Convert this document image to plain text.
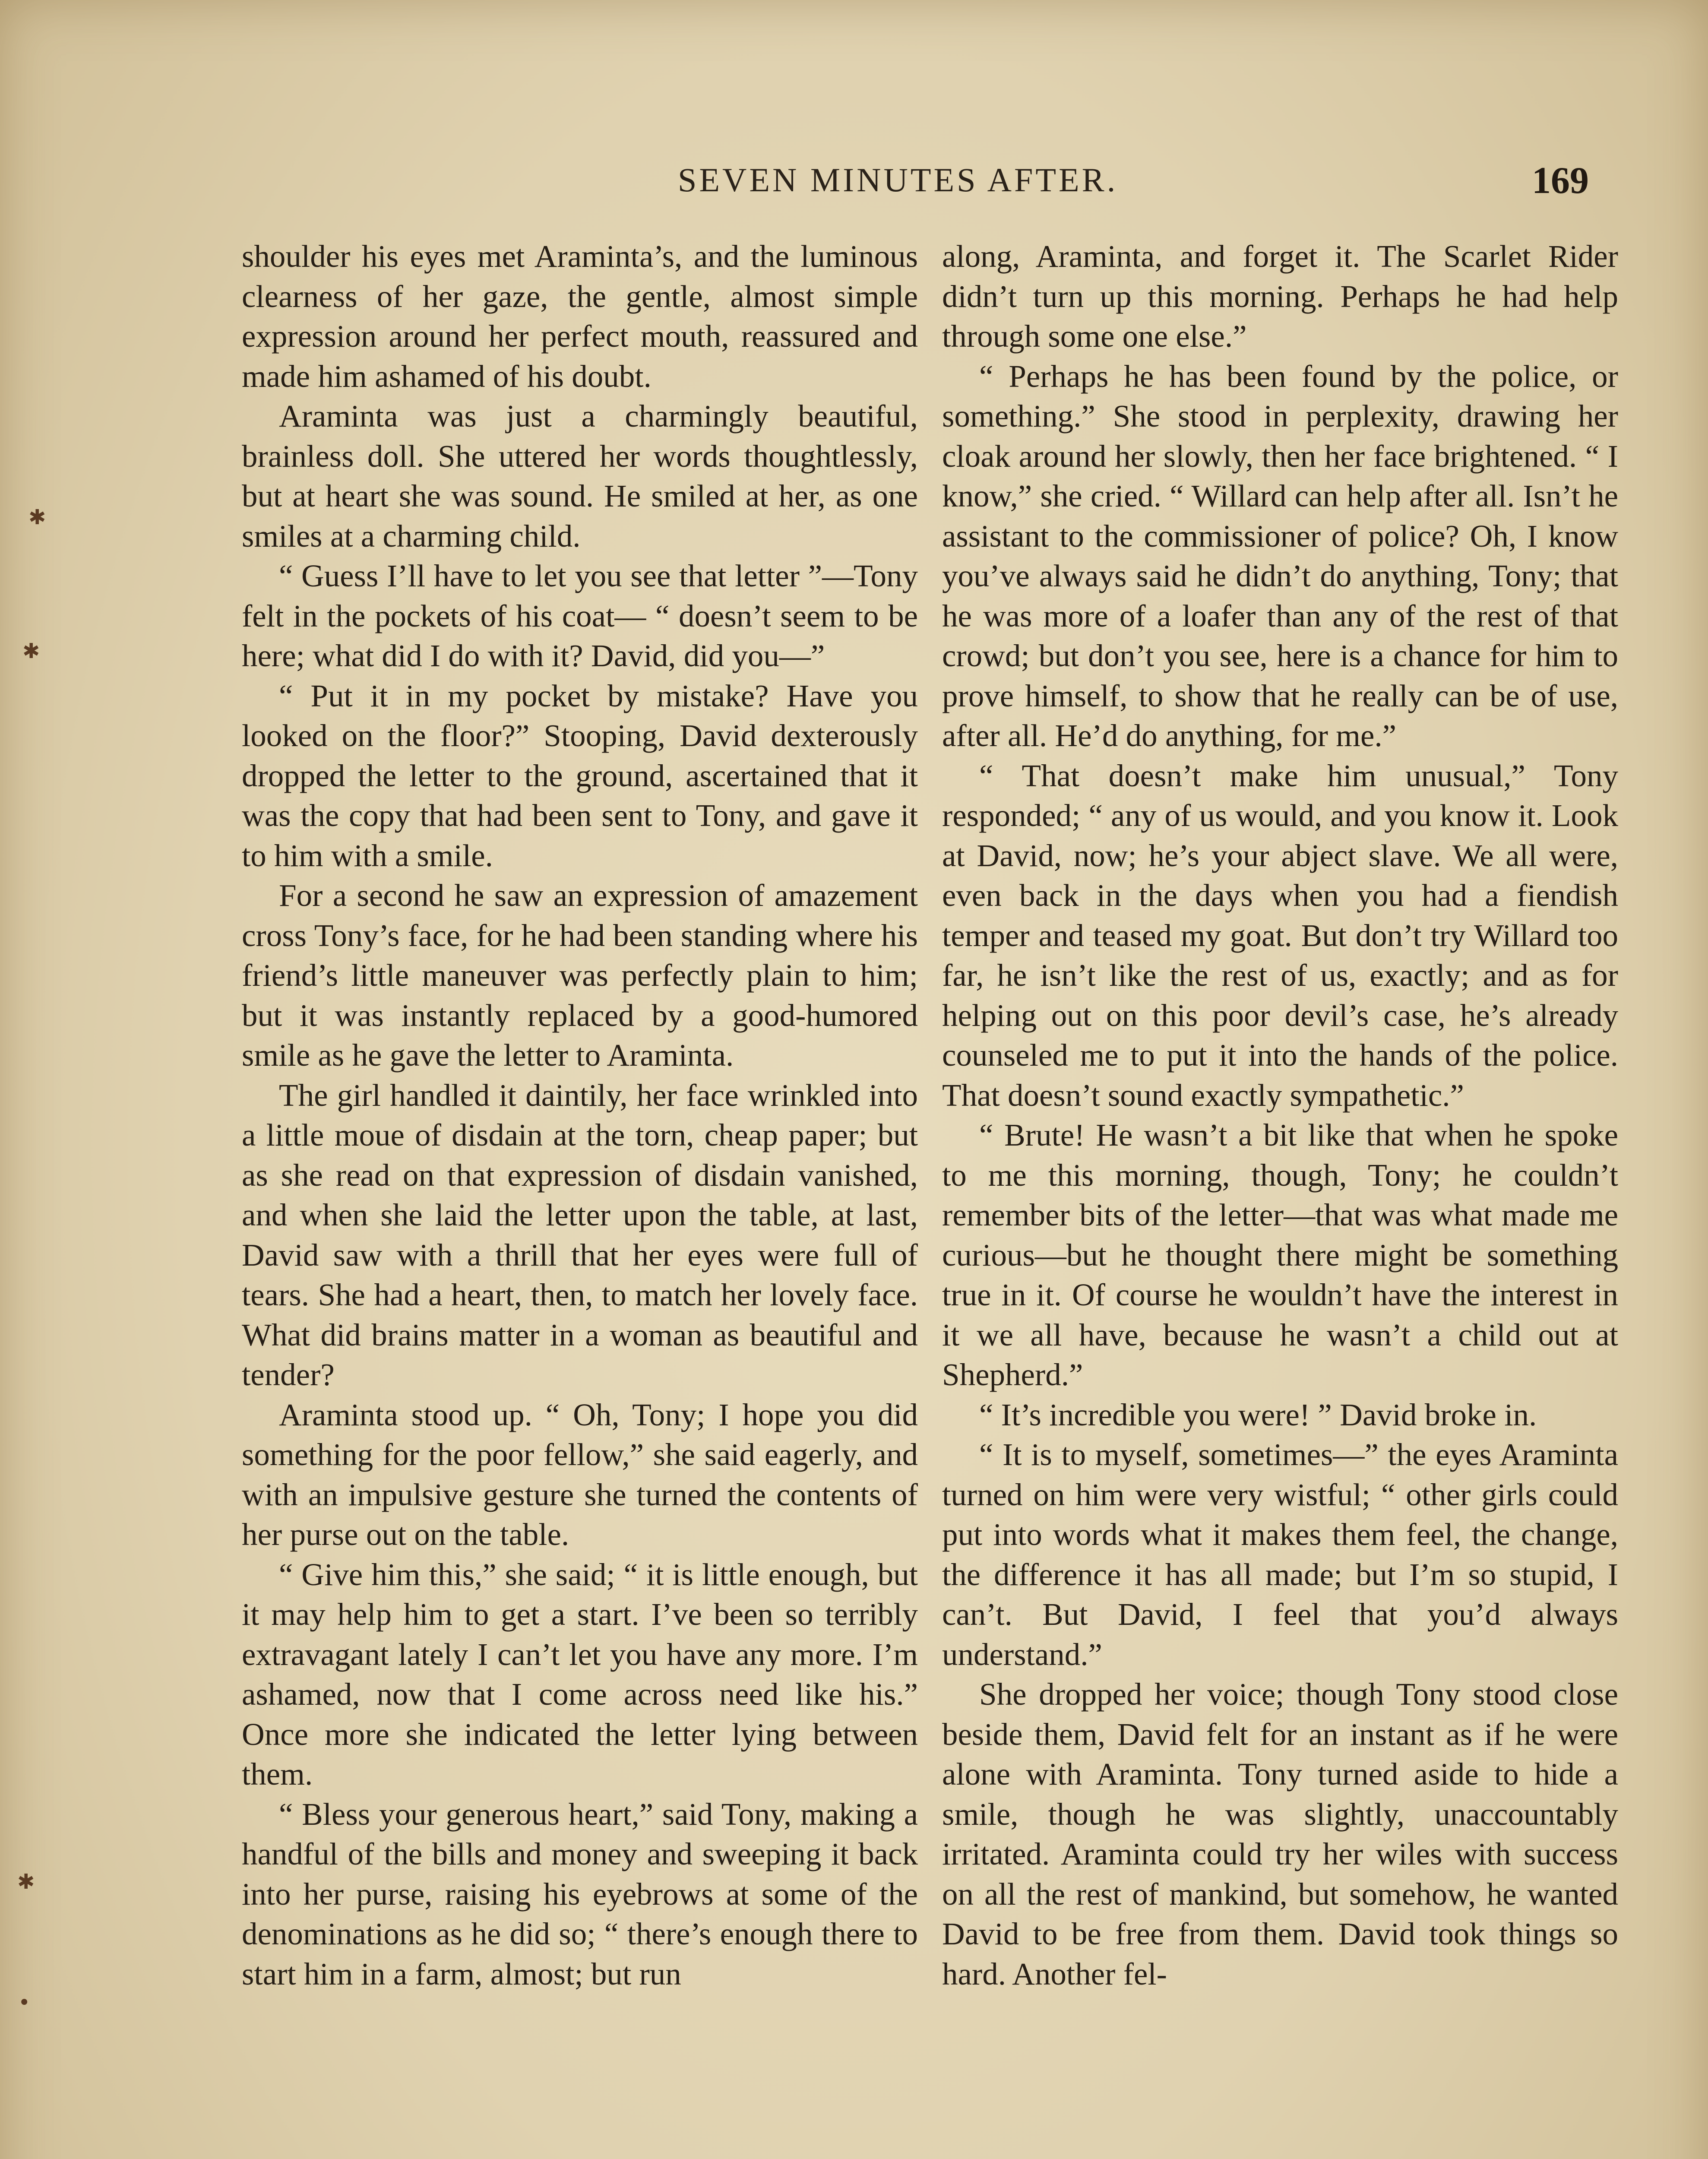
SEVEN MINUTES AFTER.	169

shoulder his eyes met Araminta’s, and the luminous clearness of her gaze, the gentle, almost simple expression around her perfect mouth, reassured and made him ashamed of his doubt.

Araminta was just a charmingly beautiful, brainless doll. She uttered her words thoughtlessly, but at heart she was sound. He smiled at her, as one smiles at a charming child.

“ Guess I’ll have to let you see that letter ”—Tony felt in the pockets of his coat— “ doesn’t seem to be here; what did I do with it? David, did you—”

“ Put it in my pocket by mistake? Have you looked on the floor?” Stooping, David dexterously dropped the letter to the ground, ascertained that it was the copy that had been sent to Tony, and gave it to him with a smile.

For a second he saw an expression of amazement cross Tony’s face, for he had been standing where his friend’s little maneuver was perfectly plain to him; but it was instantly replaced by a good-humored smile as he gave the letter to Araminta.

The girl handled it daintily, her face wrinkled into a little moue of disdain at the torn, cheap paper; but as she read on that expression of disdain vanished, and when she laid the letter upon the table, at last, David saw with a thrill that her eyes were full of tears. She had a heart, then, to match her lovely face. What did brains matter in a woman as beautiful and tender?

Araminta stood up. “ Oh, Tony; I hope you did something for the poor fellow,” she said eagerly, and with an impulsive gesture she turned the contents of her purse out on the table.

“ Give him this,” she said; “ it is little enough, but it may help him to get a start. I’ve been so terribly extravagant lately I can’t let you have any more. I’m ashamed, now that I come across need like his.” Once more she indicated the letter lying between them.

“ Bless your generous heart,” said Tony, making a handful of the bills and money and sweeping it back into her purse, raising his eyebrows at some of the denominations as he did so; “ there’s enough there to start him in a farm, almost; but run

along, Araminta, and forget it. The Scarlet Rider didn’t turn up this morning. Perhaps he had help through some one else.”

“ Perhaps he has been found by the police, or something.” She stood in perplexity, drawing her cloak around her slowly, then her face brightened. “ I know,” she cried. “ Willard can help after all. Isn’t he assistant to the commissioner of police? Oh, I know you’ve always said he didn’t do anything, Tony; that he was more of a loafer than any of the rest of that crowd; but don’t you see, here is a chance for him to prove himself, to show that he really can be of use, after all. He’d do anything, for me.”

“ That doesn’t make him unusual,” Tony responded; “ any of us would, and you know it. Look at David, now; he’s your abject slave. We all were, even back in the days when you had a fiendish temper and teased my goat. But don’t try Willard too far, he isn’t like the rest of us, exactly; and as for helping out on this poor devil’s case, he’s already counseled me to put it into the hands of the police. That doesn’t sound exactly sympathetic.”

“ Brute! He wasn’t a bit like that when he spoke to me this morning, though, Tony; he couldn’t remember bits of the letter—that was what made me curious—but he thought there might be something true in it. Of course he wouldn’t have the interest in it we all have, because he wasn’t a child out at Shepherd.”

“ It’s incredible you were! ” David broke in.

“ It is to myself, sometimes—” the eyes Araminta turned on him were very wistful; “ other girls could put into words what it makes them feel, the change, the difference it has all made; but I’m so stupid, I can’t. But David, I feel that you’d always understand.”

She dropped her voice; though Tony stood close beside them, David felt for an instant as if he were alone with Araminta. Tony turned aside to hide a smile, though he was slightly, unaccountably irritated. Araminta could try her wiles with success on all the rest of mankind, but somehow, he wanted David to be free from them. David took things so hard. Another fel-

✱
✱
✱
•
